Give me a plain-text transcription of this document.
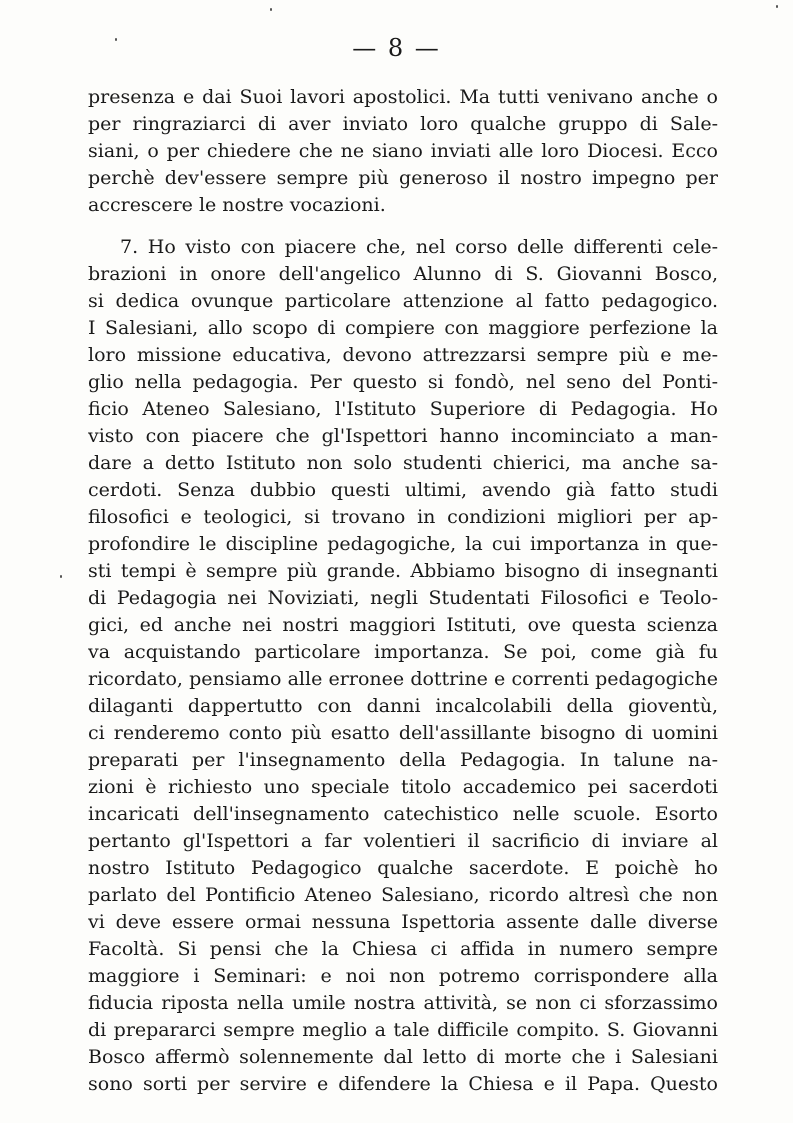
— 8 —
presenza e dai Suoi lavori apostolici. Ma tutti venivano anche o
per ringraziarci di aver inviato loro qualche gruppo di Sale-
siani, o per chiedere che ne siano inviati alle loro Diocesi. Ecco
perchè dev'essere sempre più generoso il nostro impegno per
accrescere le nostre vocazioni.
7. Ho visto con piacere che, nel corso delle differenti cele-
brazioni in onore dell'angelico Alunno di S. Giovanni Bosco,
si dedica ovunque particolare attenzione al fatto pedagogico.
I Salesiani, allo scopo di compiere con maggiore perfezione la
loro missione educativa, devono attrezzarsi sempre più e me-
glio nella pedagogia. Per questo si fondò, nel seno del Ponti-
ficio Ateneo Salesiano, l'Istituto Superiore di Pedagogia. Ho
visto con piacere che gl'Ispettori hanno incominciato a man-
dare a detto Istituto non solo studenti chierici, ma anche sa-
cerdoti. Senza dubbio questi ultimi, avendo già fatto studi
filosofici e teologici, si trovano in condizioni migliori per ap-
profondire le discipline pedagogiche, la cui importanza in que-
sti tempi è sempre più grande. Abbiamo bisogno di insegnanti
di Pedagogia nei Noviziati, negli Studentati Filosofici e Teolo-
gici, ed anche nei nostri maggiori Istituti, ove questa scienza
va acquistando particolare importanza. Se poi, come già fu
ricordato, pensiamo alle erronee dottrine e correnti pedagogiche
dilaganti dappertutto con danni incalcolabili della gioventù,
ci renderemo conto più esatto dell'assillante bisogno di uomini
preparati per l'insegnamento della Pedagogia. In talune na-
zioni è richiesto uno speciale titolo accademico pei sacerdoti
incaricati dell'insegnamento catechistico nelle scuole. Esorto
pertanto gl'Ispettori a far volentieri il sacrificio di inviare al
nostro Istituto Pedagogico qualche sacerdote. E poichè ho
parlato del Pontificio Ateneo Salesiano, ricordo altresì che non
vi deve essere ormai nessuna Ispettoria assente dalle diverse
Facoltà. Si pensi che la Chiesa ci affida in numero sempre
maggiore i Seminari: e noi non potremo corrispondere alla
fiducia riposta nella umile nostra attività, se non ci sforzassimo
di prepararci sempre meglio a tale difficile compito. S. Giovanni
Bosco affermò solennemente dal letto di morte che i Salesiani
sono sorti per servire e difendere la Chiesa e il Papa. Questo
